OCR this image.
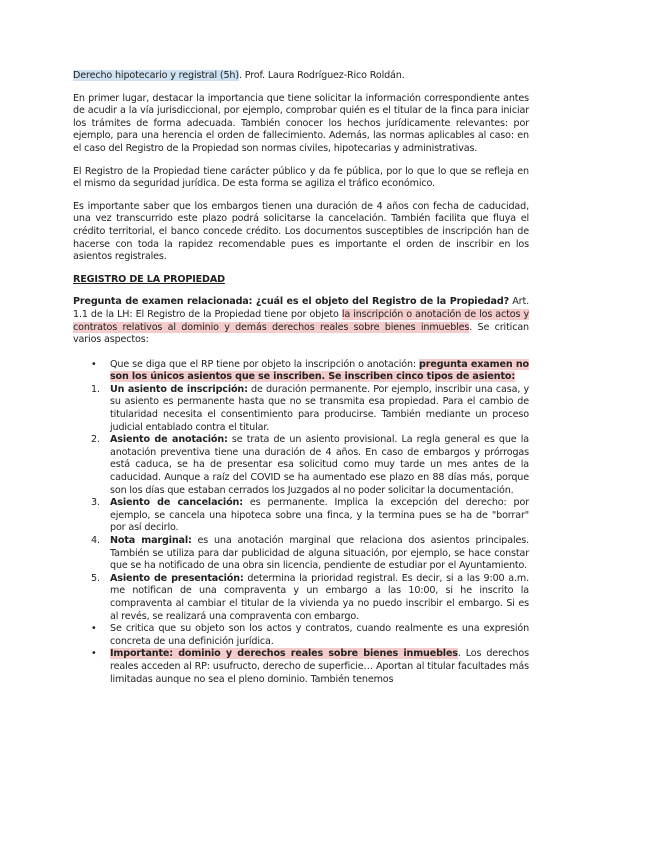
Derecho hipotecario y registral (5h). Prof. Laura Rodríguez-Rico Roldán.

En primer lugar, destacar la importancia que tiene solicitar la información correspondiente antes de acudir a la vía jurisdiccional, por ejemplo, comprobar quién es el titular de la finca para iniciar los trámites de forma adecuada. También conocer los hechos jurídicamente relevantes: por ejemplo, para una herencia el orden de fallecimiento. Además, las normas aplicables al caso: en el caso del Registro de la Propiedad son normas civiles, hipotecarias y administrativas.

El Registro de la Propiedad tiene carácter público y da fe pública, por lo que lo que se refleja en el mismo da seguridad jurídica. De esta forma se agiliza el tráfico económico.

Es importante saber que los embargos tienen una duración de 4 años con fecha de caducidad, una vez transcurrido este plazo podrá solicitarse la cancelación. También facilita que fluya el crédito territorial, el banco concede crédito. Los documentos susceptibles de inscripción han de hacerse con toda la rapidez recomendable pues es importante el orden de inscribir en los asientos registrales.

REGISTRO DE LA PROPIEDAD

Pregunta de examen relacionada: ¿cuál es el objeto del Registro de la Propiedad? Art. 1.1 de la LH: El Registro de la Propiedad tiene por objeto la inscripción o anotación de los actos y contratos relativos al dominio y demás derechos reales sobre bienes inmuebles. Se critican varios aspectos:

• Que se diga que el RP tiene por objeto la inscripción o anotación: pregunta examen no son los únicos asientos que se inscriben. Se inscriben cinco tipos de asiento:
1. Un asiento de inscripción: de duración permanente. Por ejemplo, inscribir una casa, y su asiento es permanente hasta que no se transmita esa propiedad. Para el cambio de titularidad necesita el consentimiento para producirse. También mediante un proceso judicial entablado contra el titular.
2. Asiento de anotación: se trata de un asiento provisional. La regla general es que la anotación preventiva tiene una duración de 4 años. En caso de embargos y prórrogas está caduca, se ha de presentar esa solicitud como muy tarde un mes antes de la caducidad. Aunque a raíz del COVID se ha aumentado ese plazo en 88 días más, porque son los días que estaban cerrados los Juzgados al no poder solicitar la documentación.
3. Asiento de cancelación: es permanente. Implica la excepción del derecho: por ejemplo, se cancela una hipoteca sobre una finca, y la termina pues se ha de "borrar" por así decirlo.
4. Nota marginal: es una anotación marginal que relaciona dos asientos principales. También se utiliza para dar publicidad de alguna situación, por ejemplo, se hace constar que se ha notificado de una obra sin licencia, pendiente de estudiar por el Ayuntamiento.
5. Asiento de presentación: determina la prioridad registral. Es decir, si a las 9:00 a.m. me notifican de una compraventa y un embargo a las 10:00, si he inscrito la compraventa al cambiar el titular de la vivienda ya no puedo inscribir el embargo. Si es al revés, se realizará una compraventa con embargo.
• Se critica que su objeto son los actos y contratos, cuando realmente es una expresión concreta de una definición jurídica.
• Importante: dominio y derechos reales sobre bienes inmuebles. Los derechos reales acceden al RP: usufructo, derecho de superficie… Aportan al titular facultades más limitadas aunque no sea el pleno dominio. También tenemos
